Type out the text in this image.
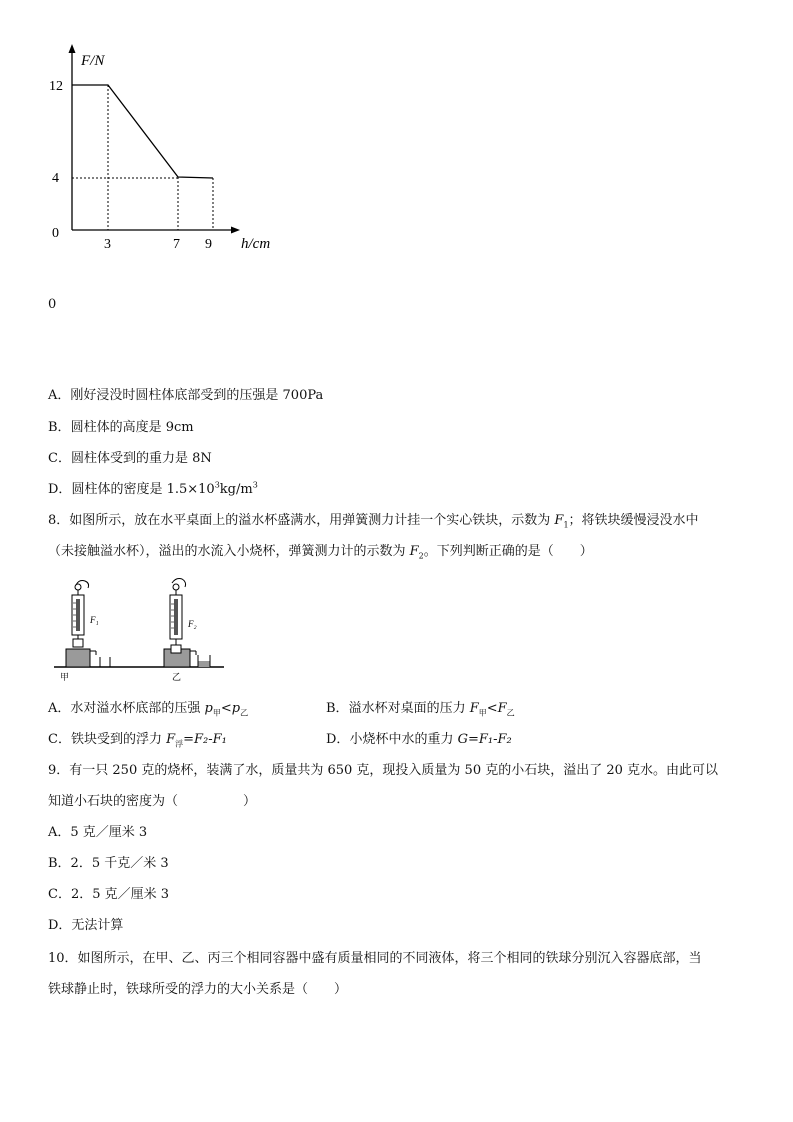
F/N
12
4
0
3	7 9 h/cm
0
A．刚好浸没时圆柱体底部受到的压强是 700Pa
B．圆柱体的高度是 9cm
C．圆柱体受到的重力是 8N
D．圆柱体的密度是 $1.5\times 10^3kg/m^3$
8．如图所示，放在水平桌面上的溢水杯盛满水，用弹簧测力计挂一个实心铁块，示数为 $F_1$；将铁块缓慢浸没水中
（未接触溢水杯），溢出的水流入小烧杯，弹簧测力计的示数为 $F_2$。下列判断正确的是（　　）
F₁
甲
F₂
乙
A．水对溢水杯底部的压强 $p_甲<p_乙$	B．溢水杯对桌面的压力 $F_甲<F_乙$
C．铁块受到的浮力 $F_浮=F_2-F_1$	D．小烧杯中水的重力 G=F₁-F₂
9．有一只 250 克的烧杯，装满了水，质量共为 650 克，现投入质量为 50 克的小石块，溢出了 20 克水。由此可以
知道小石块的密度为（　　　　　）
A．5 克／厘米 3
B．2．5 千克／米 3
C．2．5 克／厘米 3
D．无法计算
10．如图所示，在甲、乙、丙三个相同容器中盛有质量相同的不同液体，将三个相同的铁球分别沉入容器底部，当
铁球静止时，铁球所受的浮力的大小关系是（　　）
